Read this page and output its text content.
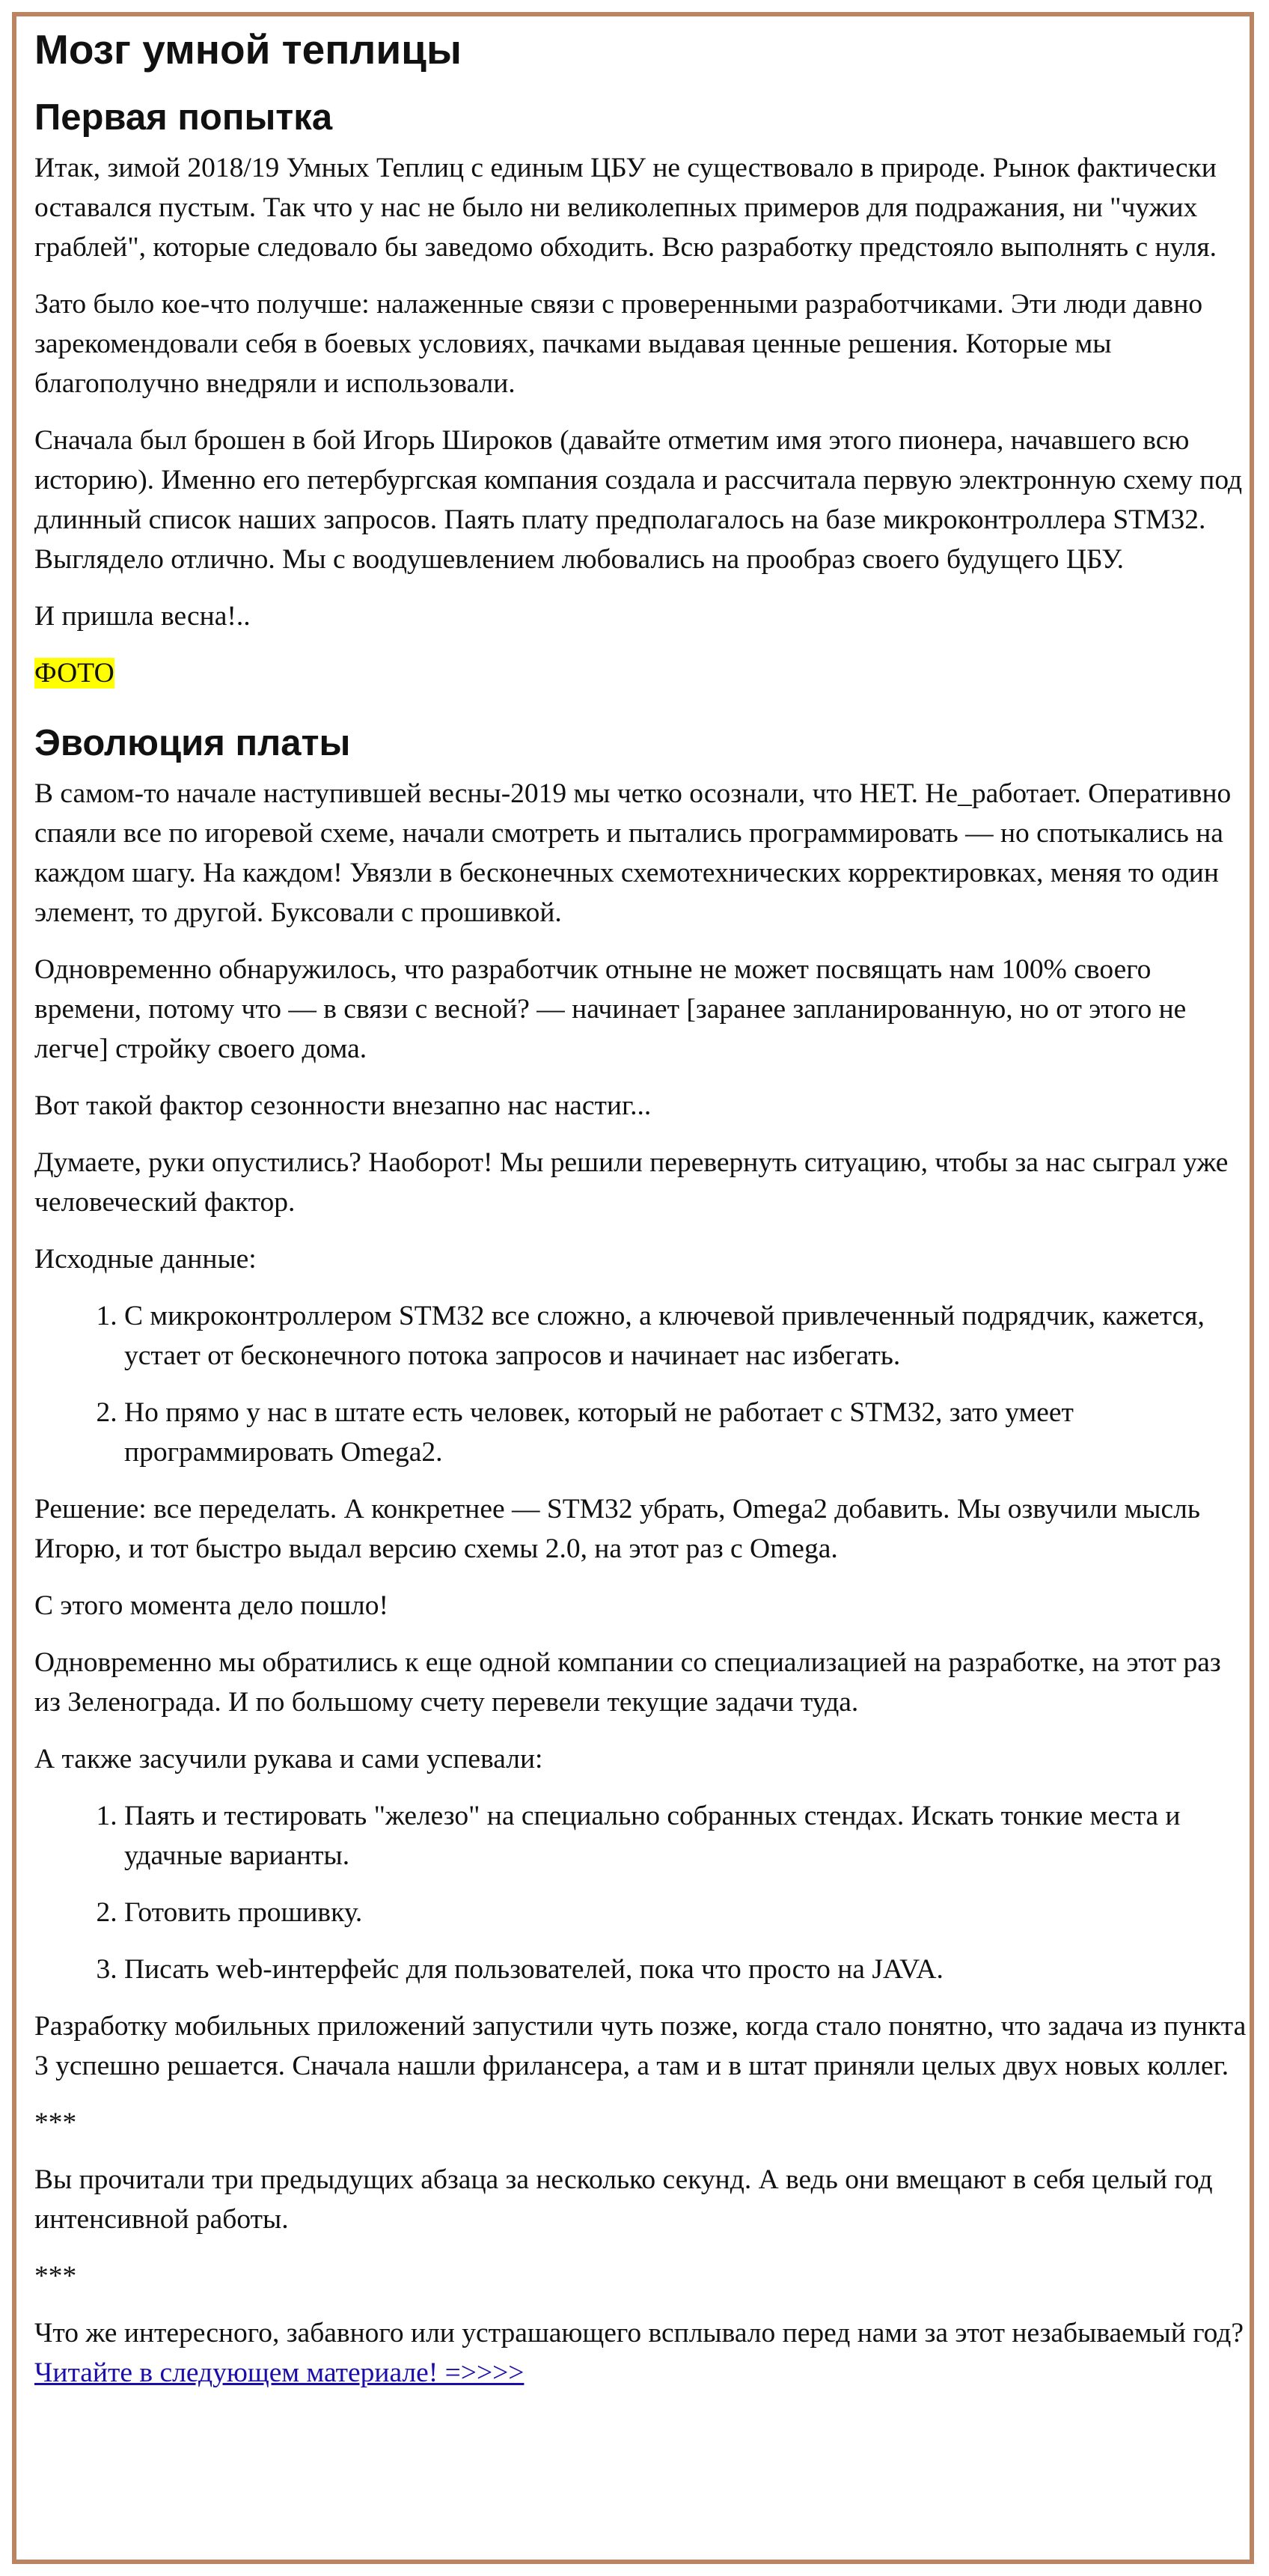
Мозг умной теплицы
Первая попытка

Итак, зимой 2018/19 Умных Теплиц с единым ЦБУ не существовало в природе. Рынок фактически оставался пустым. Так что у нас не было ни великолепных примеров для подражания, ни "чужих граблей", которые следовало бы заведомо обходить. Всю разработку предстояло выполнять с нуля.

Зато было кое-что получше: налаженные связи с проверенными разработчиками. Эти люди давно зарекомендовали себя в боевых условиях, пачками выдавая ценные решения. Которые мы благополучно внедряли и использовали.

Сначала был брошен в бой Игорь Широков (давайте отметим имя этого пионера, начавшего всю историю). Именно его петербургская компания создала и рассчитала первую электронную схему под длинный список наших запросов. Паять плату предполагалось на базе микроконтроллера STM32. Выглядело отлично. Мы с воодушевлением любовались на прообраз своего будущего ЦБУ.

И пришла весна!..

ФОТО

Эволюция платы

В самом-то начале наступившей весны-2019 мы четко осознали, что НЕТ. Не_работает. Оперативно спаяли все по игоревой схеме, начали смотреть и пытались программировать — но спотыкались на каждом шагу. На каждом! Увязли в бесконечных схемотехнических корректировках, меняя то один элемент, то другой. Буксовали с прошивкой.

Одновременно обнаружилось, что разработчик отныне не может посвящать нам 100% своего времени, потому что — в связи с весной? — начинает [заранее запланированную, но от этого не легче] стройку своего дома.

Вот такой фактор сезонности внезапно нас настиг...

Думаете, руки опустились? Наоборот! Мы решили перевернуть ситуацию, чтобы за нас сыграл уже человеческий фактор.

Исходные данные:

1. С микроконтроллером STM32 все сложно, а ключевой привлеченный подрядчик, кажется, устает от бесконечного потока запросов и начинает нас избегать.
2. Но прямо у нас в штате есть человек, который не работает с STM32, зато умеет программировать Omega2.

Решение: все переделать. А конкретнее — STM32 убрать, Omega2 добавить. Мы озвучили мысль Игорю, и тот быстро выдал версию схемы 2.0, на этот раз с Omega.

С этого момента дело пошло!

Одновременно мы обратились к еще одной компании со специализацией на разработке, на этот раз из Зеленограда. И по большому счету перевели текущие задачи туда.

А также засучили рукава и сами успевали:

1. Паять и тестировать "железо" на специально собранных стендах. Искать тонкие места и удачные варианты.
2. Готовить прошивку.
3. Писать web-интерфейс для пользователей, пока что просто на JAVA.

Разработку мобильных приложений запустили чуть позже, когда стало понятно, что задача из пункта 3 успешно решается. Сначала нашли фрилансера, а там и в штат приняли целых двух новых коллег.

***

Вы прочитали три предыдущих абзаца за несколько секунд. А ведь они вмещают в себя целый год интенсивной работы.

***

Что же интересного, забавного или устрашающего всплывало перед нами за этот незабываемый год? Читайте в следующем материале! =>>>>
